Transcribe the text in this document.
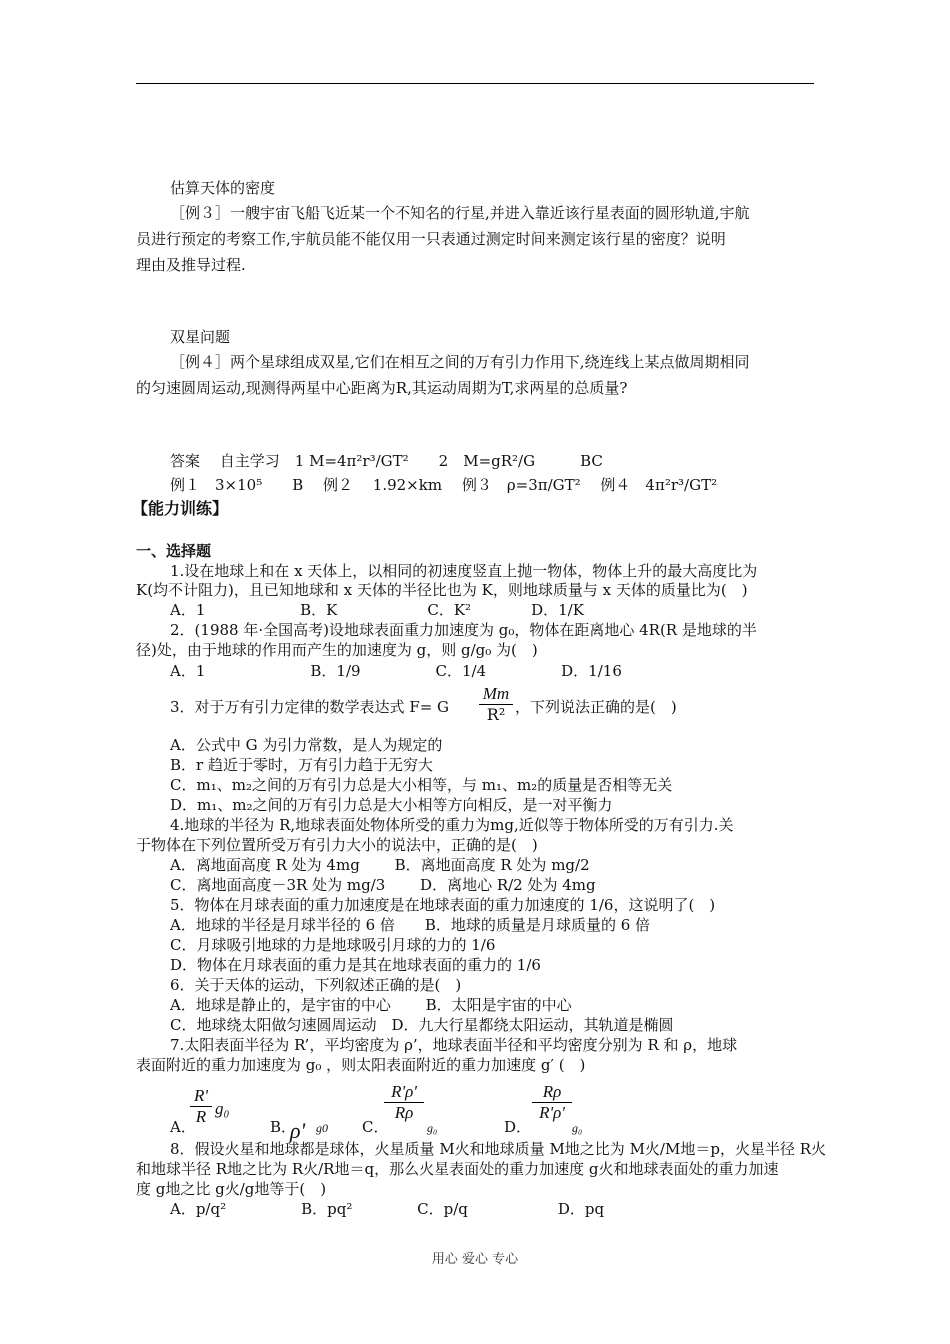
估算天体的密度
［例３］一艘宇宙飞船飞近某一个不知名的行星,并进入靠近该行星表面的圆形轨道,宇航
员进行预定的考察工作,宇航员能不能仅用一只表通过测定时间来测定该行星的密度？说明
理由及推导过程.
双星问题
［例４］两个星球组成双星,它们在相互之间的万有引力作用下,绕连线上某点做周期相同
的匀速圆周运动,现测得两星中心距离为R,其运动周期为T,求两星的总质量?
答案　 自主学习　1 M=4π²r³/GT²　　2　M=gR²/G　　　BC
例１　3×10⁵　　B　 例２　 1.92×km　 例３　ρ=3π/GT²　 例４　4π²r³/GT²
【能力训练】
一、选择题
1.设在地球上和在 x 天体上，以相同的初速度竖直上抛一物体，物体上升的最大高度比为
K(均不计阻力)，且已知地球和 x 天体的半径比也为 K，则地球质量与 x 天体的质量比为(　)
A．1　　　　　　 B．K　　　　　　C．K²　　　　D．1/K
2．(1988 年·全国高考)设地球表面重力加速度为 g₀，物体在距离地心 4R(R 是地球的半
径)处，由于地球的作用而产生的加速度为 g，则 g/g₀ 为(　)
A．1　　　　　　　B．1/9　　　　　C．1/4　　　　　D．1/16
3．对于万有引力定律的数学表达式 F= G $\frac{Mm}{\text{R²}}$ ，下列说法正确的是(　)
A．公式中 G 为引力常数，是人为规定的
B．r 趋近于零时，万有引力趋于无穷大
C．m₁、m₂之间的万有引力总是大小相等，与 m₁、m₂的质量是否相等无关
D．m₁、m₂之间的万有引力总是大小相等方向相反，是一对平衡力
4.地球的半径为 R,地球表面处物体所受的重力为mg,近似等于物体所受的万有引力.关
于物体在下列位置所受万有引力大小的说法中，正确的是(　)
A．离地面高度 R 处为 4mg　　 B．离地面高度 R 处为 mg/2
C．离地面高度－3R 处为 mg/3　　 D．离地心 R/2 处为 4mg
5．物体在月球表面的重力加速度是在地球表面的重力加速度的 1/6，这说明了(　)
A．地球的半径是月球半径的 6 倍　　B．地球的质量是月球质量的 6 倍
C．月球吸引地球的力是地球吸引月球的力的 1/6
D．物体在月球表面的重力是其在地球表面的重力的 1/6
6．关于天体的运动，下列叙述正确的是(　)
A．地球是静止的，是宇宙的中心　　 B．太阳是宇宙的中心
C．地球绕太阳做匀速圆周运动　D．九大行星都绕太阳运动，其轨道是椭圆
7.太阳表面半径为 R’，平均密度为 ρ’，地球表面半径和平均密度分别为 R 和 ρ，地球
表面附近的重力加速度为 g₀ ，则太阳表面附近的重力加速度 g′ (　)
A．
$\frac{R'}{R} g_0$
B．
ρ' g0 C．
$\frac{R'\rho'}{R\rho}$
g₀	D．
$\frac{R\rho}{R'\rho'}$
g₀
8．假设火星和地球都是球体，火星质量 M火和地球质量 M地之比为 M火/M地＝p，火星半径 R火
和地球半径 R地之比为 R火/R地＝q，那么火星表面处的重力加速度 g火和地球表面处的重力加速
度 g地之比 g火/g地等于(　)
A．p/q²　　　　　B．pq²　　　　 C．p/q　　　　　　D．pq
用心 爱心 专心
